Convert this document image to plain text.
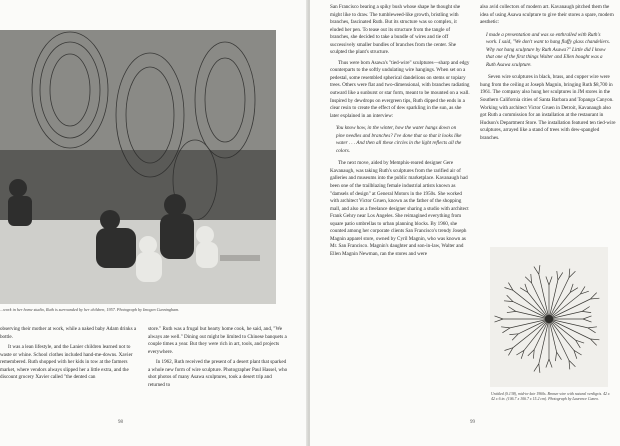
...work in her home studio, Ruth is surrounded by her children, 1957. Photograph by Imogen Cunningham.

observing their mother at work, while a naked baby Adam drinks a bottle.

It was a lean lifestyle, and the Lanier children learned not to waste or whine. School clothes included hand-me-downs. Xavier remembered. Ruth shopped with her kids in tow at the farmers market, where vendors always slipped her a little extra, and the discount grocery Xavier called "the dented can

store." Ruth was a frugal but hearty home cook, he said, and, "We always ate well." Dining out might be limited to Chinese banquets a couple times a year. But they were rich in art, tools, and projects everywhere.

In 1962, Ruth received the present of a desert plant that sparked a whole new form of wire sculpture. Photographer Paul Hassel, who shot photos of many Asawa sculptures, took a desert trip and returned to

98

San Francisco bearing a spiky bush whose shape he thought she might like to draw. The tumbleweed-like growth, bristling with branches, fascinated Ruth. But its structure was so complex, it eluded her pen. To tease out its structure from the tangle of branches, she decided to take a bundle of wires and tie off successively smaller bundles of branches from the center. She sculpted the plant's structure.

Thus were born Asawa's "tied-wire" sculptures—sharp and edgy counterparts to the softly undulating wire hangings. When set on a pedestal, some resembled spherical dandelions on stems or topiary trees. Others were flat and two-dimensional, with branches radiating outward like a sunburst or star form, meant to be mounted on a wall. Inspired by dewdrops on evergreen tips, Ruth dipped the ends in a clear resin to create the effect of dew sparkling in the sun, as she later explained in an interview:

You know how, in the winter, how the water hangs down on pine needles and branches? I've done that so that it looks like water . . . And then all these circles in the light reflects all the colors.

The next move, aided by Memphis-reared designer Gere Kavanaugh, was taking Ruth's sculptures from the rarified air of galleries and museums into the public marketplace. Kavanaugh had been one of the trailblazing female industrial artists known as "damsels of design" at General Motors in the 1950s. She worked with architect Victor Gruen, known as the father of the shopping mall, and also as a freelance designer sharing a studio with architect Frank Gehry near Los Angeles. She reimagined everything from square patio umbrellas to urban planning blocks. By 1960, she counted among her corporate clients San Francisco's trendy Joseph Magnin apparel store, owned by Cyril Magnin, who was known as Mr. San Francisco. Magnin's daughter and son-in-law, Walter and Ellen Magnin Newman, ran the stores and were

also avid collectors of modern art. Kavanaugh pitched them the idea of using Asawa sculpture to give their stores a spare, modern aesthetic:

I made a presentation and was so enthralled with Ruth's work. I said, "We don't want to hang fluffy glass chandeliers. Why not hang sculpture by Ruth Asawa?" Little did I know that one of the first things Walter and Ellen bought was a Ruth Asawa sculpture.

Seven wire sculptures in black, brass, and copper wire were hung from the ceiling at Joseph Magnin, bringing Ruth $8,700 in 1961. The company also hung her sculptures in JM stores in the Southern California cities of Santa Barbara and Topanga Canyon. Working with architect Victor Gruen in Detroit, Kavanaugh also got Ruth a commission for an installation at the restaurant in Hudson's Department Store. The installation featured ten tied-wire sculptures, arrayed like a stand of trees with dew-spangled branches.

Untitled (S.138), mid-to-late 1960s. Bronze wire with natural verdigris. 42 x 42 x 6 in. (106.7 x 106.7 x 15.2 cm). Photograph by Laurence Cuneo.
99
